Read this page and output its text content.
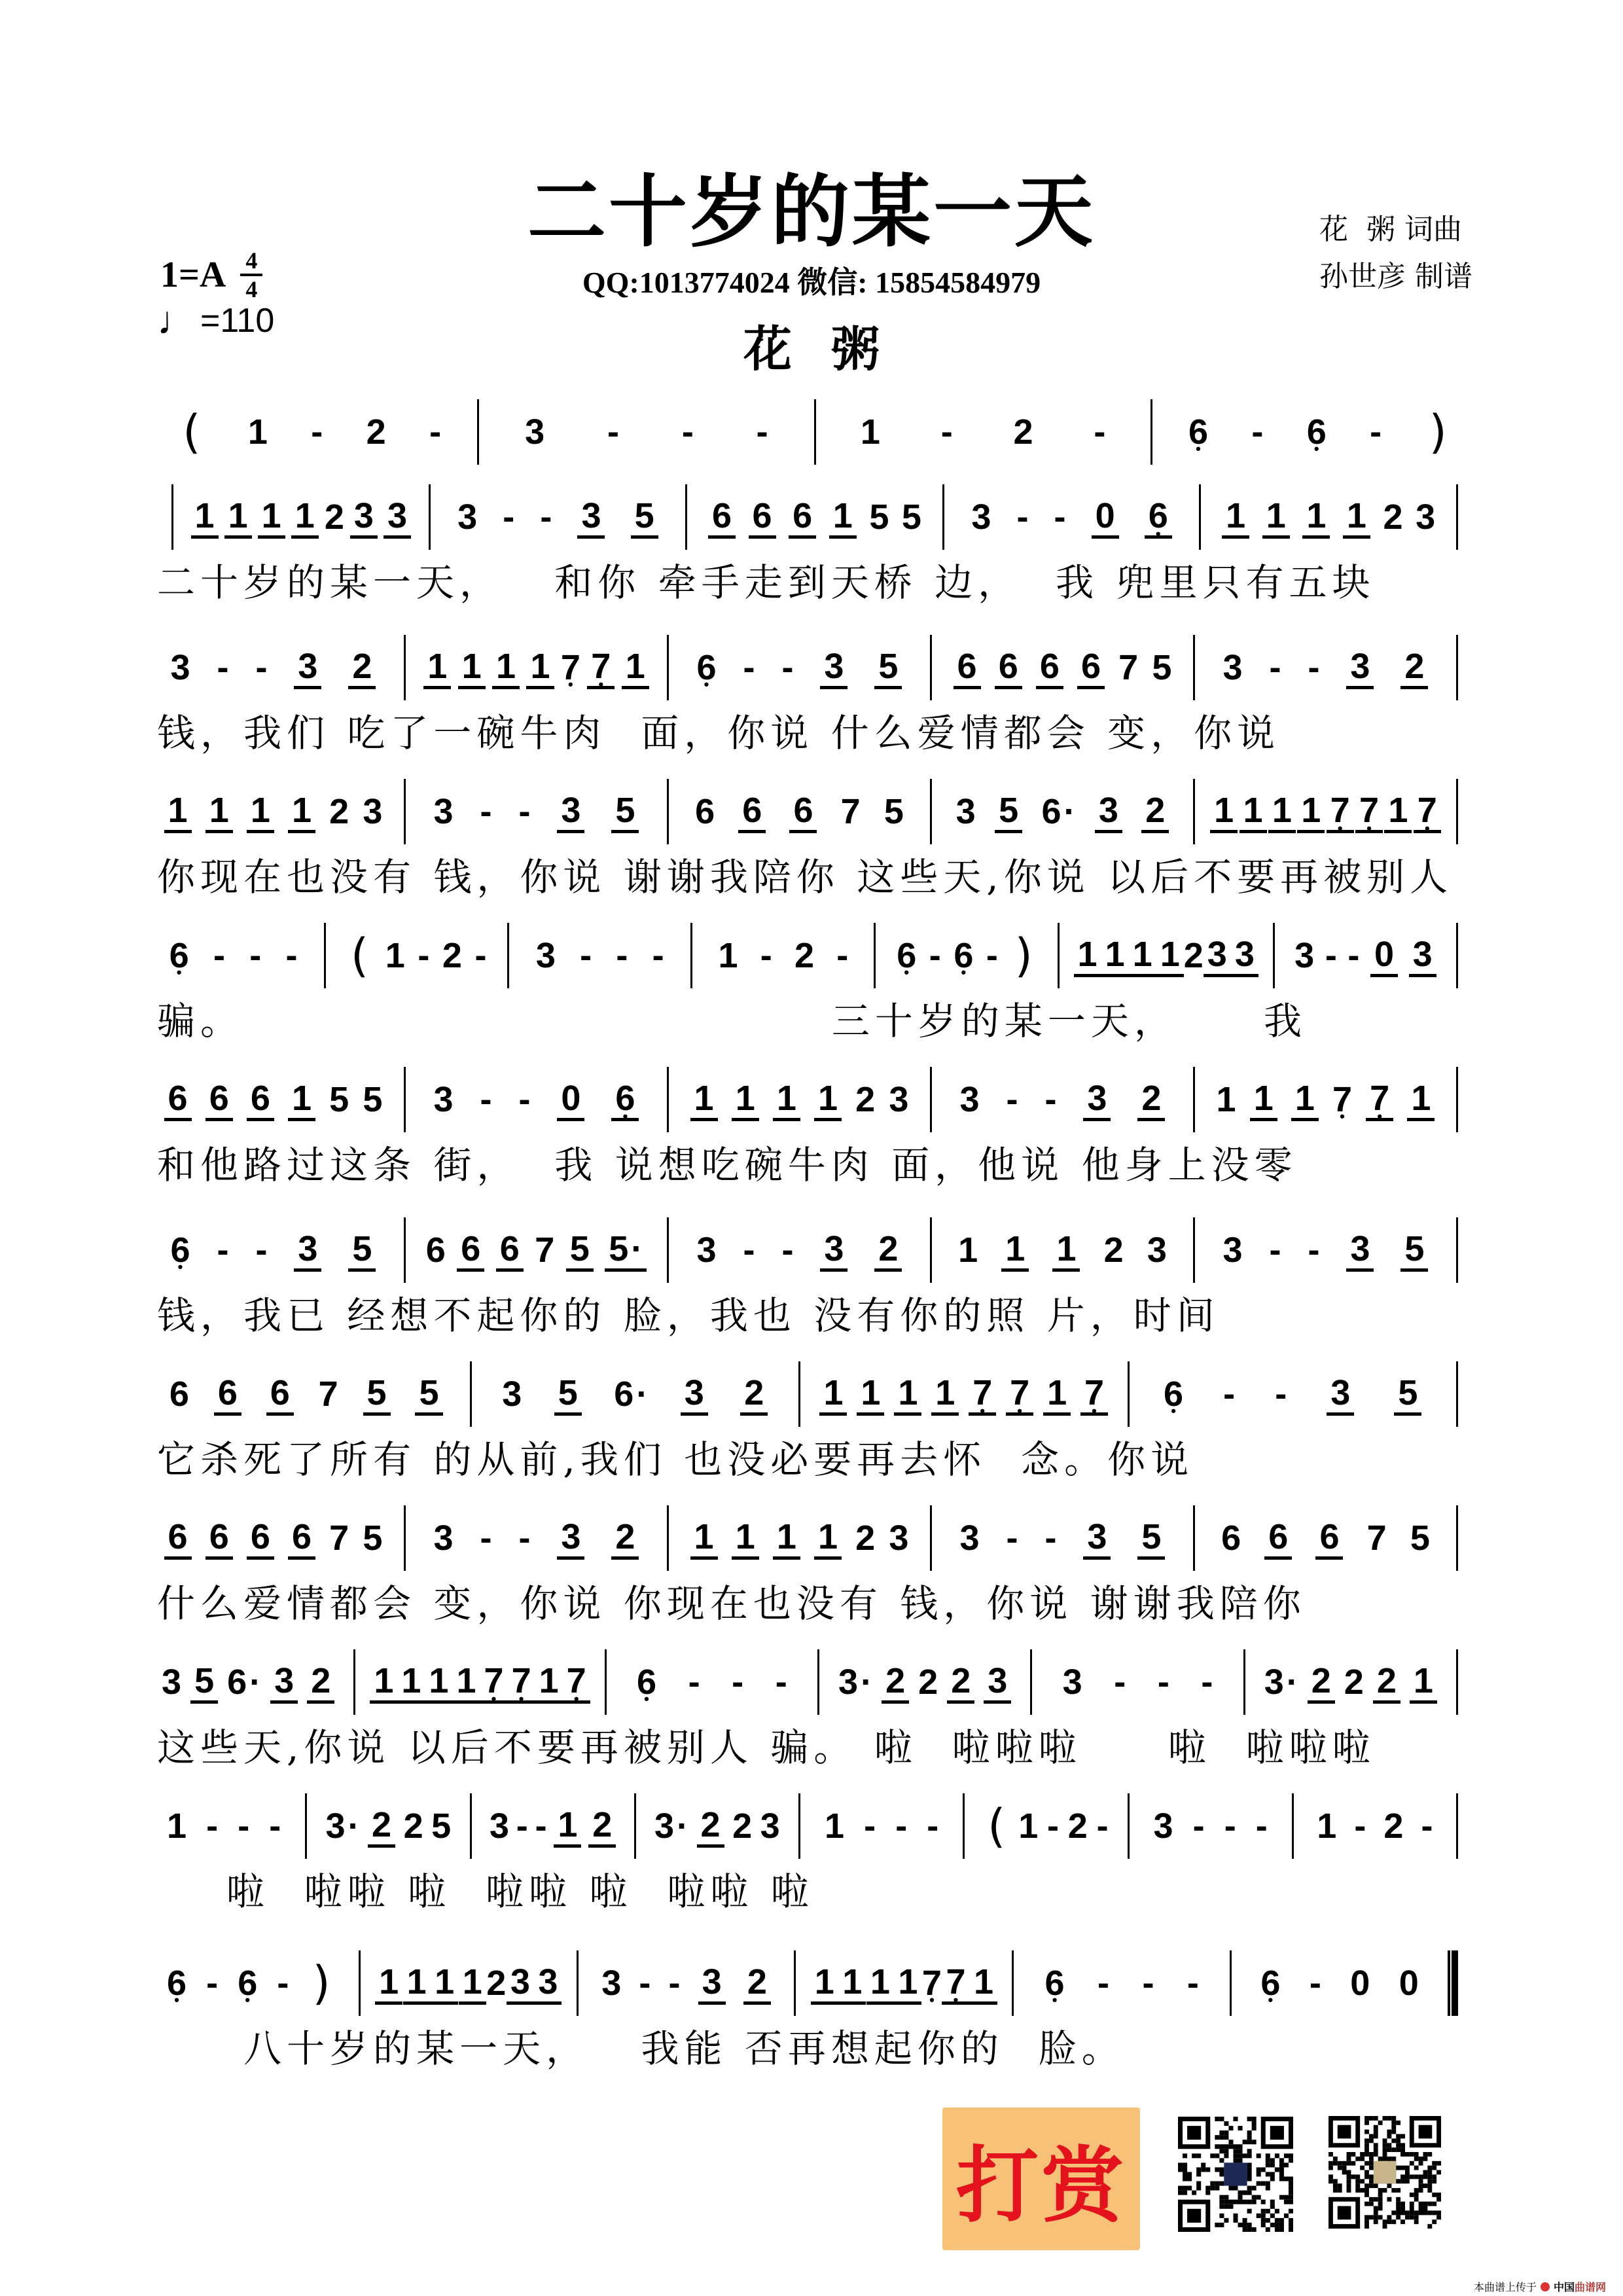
二十岁的某一天
1=A 4
4
♩ =110
QQ:1013774024 微信: 15854584979
花  粥 词曲
孙世彦 制谱
花粥
( 1 - 2 - 3 - - -	1 - 2 - 6 • - 6 • - )
1 1 1 1 2 3 3 3 - - 3 5 6 6 6 • 1 5 5 3 - - 0 6 • 1 1 1 1 2 3
二十岁的某一天，   和你 牵手走到天桥 边，  我 兜里只有五块
3 - - 3 2 1 1 1 1 7 • 7 • 1 6 • - - 3 5 6 6 6 6 7 5 3 - - 3 2
钱，我们 吃了一碗牛肉  面，你说 什么爱情都会 变，你说
1 1 1 1 2 3 3 - - 3 5 6 6 6 7 5 3 5 6 ·	3 2 1 1 1 1 7 • 7 • 1 7 •
你现在也没有 钱，你说 谢谢我陪你 这些天,你说 以后不要再被别人
6 • - - - ( 1 - 2 - 3 - - - 1 - 2 - 6 • - 6 • - ) 1 1 1 1 2 3 3 3 - - 0 3
骗。                                  三十岁的某一天，     我
6 6 6 • 1 5 5 3 - - 0 6 • 1 1 1 1 2 3 3 - - 3 2 1 1 1 7 • 7 • 1
和他路过这条 街，  我 说想吃碗牛肉 面，他说 他身上没零
6 • - - 3 5 6 6 6 7 5 5 ·	3 - - 3 2 1 1 1 2 3 3 - - 3 5
钱，我已 经想不起你的 脸，我也 没有你的照 片，时间
6 6 6 7 5 5 3 5 6 ·	3 2 1 1 1 1 7 • 7 • 1 7 • 6 • - - 3 5
它杀死了所有 的从前,我们 也没必要再去怀  念。你说
6 6 6 6 7 5 3 - - 3 2 1 1 1 1 2 3 3 - - 3 5 6 6 6 7 5
什么爱情都会 变，你说 你现在也没有 钱，你说 谢谢我陪你
3 5 6 · 3 2 1 1 1 1 7 • 7 • 1 7 • 6 • - - - 3 · 2 2 2 3 3 - - - 3 · 2 2 2 1
这些天,你说 以后不要再被别人 骗。 啦  啦啦啦     啦  啦啦啦
1 - - - 3 · 2 2 5 3 - - 1 2 3 · 2 2 3 1 - - - ( 1 - 2 - 3 - - - 1 - 2 -
啦  啦啦 啦  啦啦 啦  啦啦 啦
6 • - 6 • - ) 1 1 1 1 2 3 3 3 - - 3 2 1 1 1 1 7 • 7 • 1 6 • - - - 6 • - 0 0
八十岁的某一天，   我能 否再想起你的  脸。
打赏
本曲谱上传于 中国曲谱网
